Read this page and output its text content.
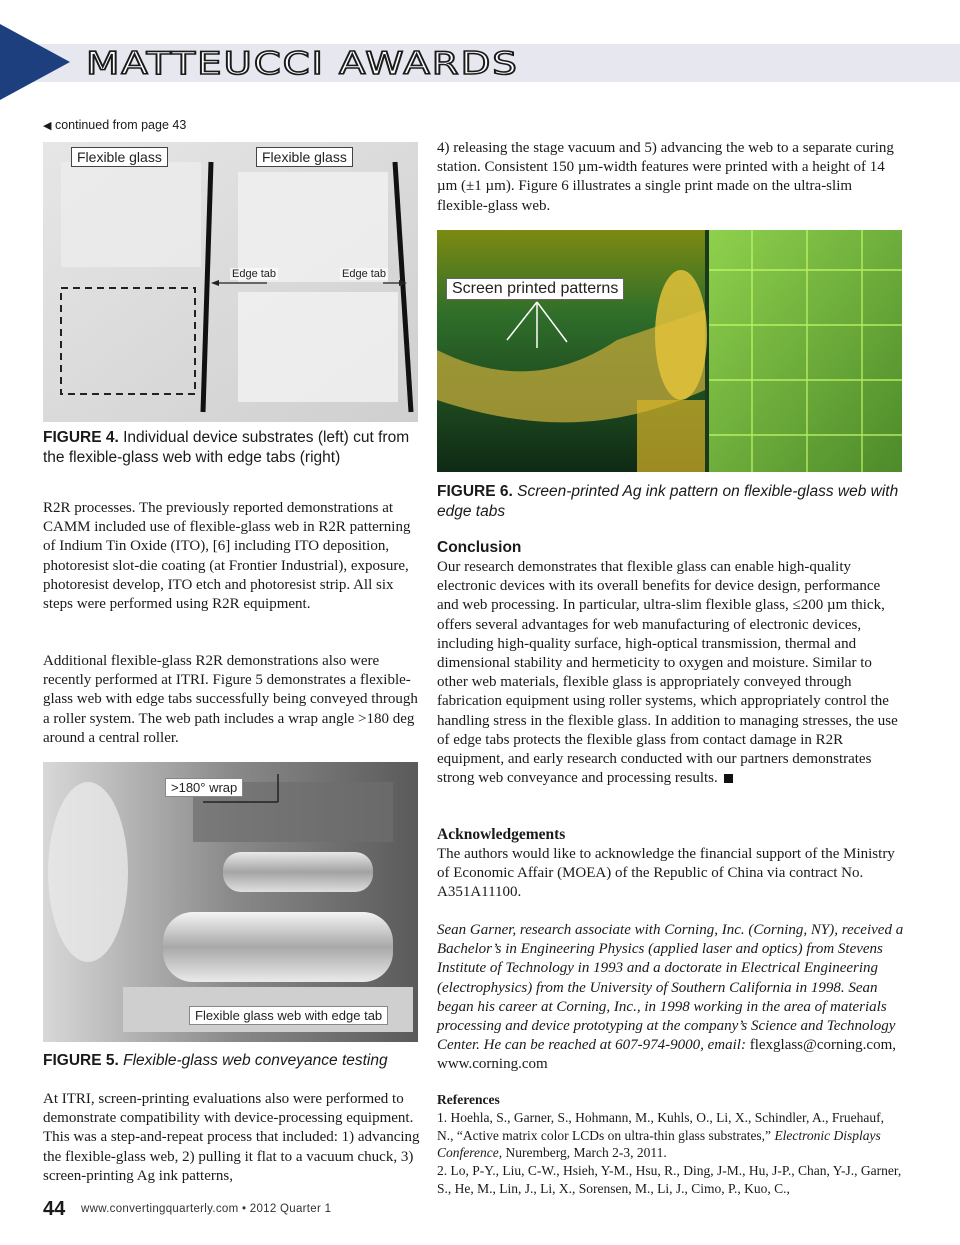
MATTEUCCI AWARDS
◀ continued from page 43
Flexible glass	Flexible glass
Edge tab	Edge tab
FIGURE 4. Individual device substrates (left) cut from the flexible-glass web with edge tabs (right)
R2R processes. The previously reported demonstrations at CAMM included use of flexible-glass web in R2R patterning of Indium Tin Oxide (ITO), [6] including ITO deposition, photoresist slot-die coating (at Frontier Industrial), exposure, photoresist develop, ITO etch and photoresist strip. All six steps were performed using R2R equipment.
Additional flexible-glass R2R demonstrations also were recently performed at ITRI. Figure 5 demonstrates a flexible-glass web with edge tabs successfully being conveyed through a roller system. The web path includes a wrap angle >180 deg around a central roller.
>180° wrap
Flexible glass web with edge tab
FIGURE 5. Flexible-glass web conveyance testing
At ITRI, screen-printing evaluations also were performed to demonstrate compatibility with device-processing equipment. This was a step-and-repeat process that included: 1) advancing the flexible-glass web, 2) pulling it flat to a vacuum chuck, 3) screen-printing Ag ink patterns,
4) releasing the stage vacuum and 5) advancing the web to a separate curing station. Consistent 150 µm-width features were printed with a height of 14 µm (±1 µm). Figure 6 illustrates a single print made on the ultra-slim flexible-glass web.
Screen printed patterns
FIGURE 6. Screen-printed Ag ink pattern on flexible-glass web with edge tabs
Conclusion
Our research demonstrates that flexible glass can enable high-quality electronic devices with its overall benefits for device design, performance and web processing. In particular, ultra-slim flexible glass, ≤200 µm thick, offers several advantages for web manufacturing of electronic devices, including high-quality surface, high-optical transmission, thermal and dimensional stability and hermeticity to oxygen and moisture. Similar to other web materials, flexible glass is appropriately conveyed through fabrication equipment using roller systems, which appropriately control the handling stress in the flexible glass. In addition to managing stresses, the use of edge tabs protects the flexible glass from contact damage in R2R equipment, and early research conducted with our partners demonstrates strong web conveyance and processing results.
Acknowledgements
The authors would like to acknowledge the financial support of the Ministry of Economic Affair (MOEA) of the Republic of China via contract No. A351A11100.
Sean Garner, research associate with Corning, Inc. (Corning, NY), received a Bachelor’s in Engineering Physics (applied laser and optics) from Stevens Institute of Technology in 1993 and a doctorate in Electrical Engineering (electrophysics) from the University of Southern California in 1998. Sean began his career at Corning, Inc., in 1998 working in the area of materials processing and device prototyping at the company’s Science and Technology Center. He can be reached at 607-974-9000, email: flexglass@corning.com, www.corning.com
References
1. Hoehla, S., Garner, S., Hohmann, M., Kuhls, O., Li, X., Schindler, A., Fruehauf, N., “Active matrix color LCDs on ultra-thin glass substrates,” Electronic Displays Conference, Nuremberg, March 2-3, 2011.
2. Lo, P-Y., Liu, C-W., Hsieh, Y-M., Hsu, R., Ding, J-M., Hu, J-P., Chan, Y-J., Garner, S., He, M., Lin, J., Li, X., Sorensen, M., Li, J., Cimo, P., Kuo, C.,
44 www.convertingquarterly.com • 2012 Quarter 1
